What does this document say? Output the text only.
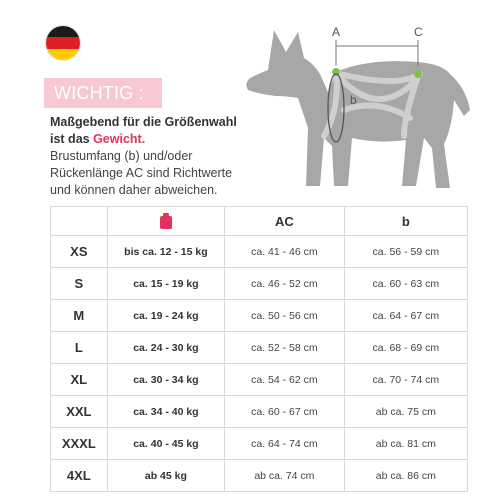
WICHTIG :
Maßgebend für die Größenwahl
ist das Gewicht.
Brustumfang (b) und/oder
Rückenlänge AC sind Richtwerte
und können daher abweichen.
A	C
b
		AC	b
XS	bis ca. 12 - 15 kg	ca. 41 - 46 cm	ca. 56 - 59 cm
S	ca. 15 - 19 kg	ca. 46 - 52 cm	ca. 60 - 63 cm
M	ca. 19 - 24 kg	ca. 50 - 56 cm	ca. 64 - 67 cm
L	ca. 24 - 30 kg	ca. 52 - 58 cm	ca. 68 - 69 cm
XL	ca. 30 - 34 kg	ca. 54 - 62 cm	ca. 70 - 74 cm
XXL	ca. 34 - 40 kg	ca. 60 - 67 cm	ab ca. 75 cm
XXXL	ca. 40 - 45 kg	ca. 64 - 74 cm	ab ca. 81 cm
4XL	ab 45 kg	ab ca. 74 cm	ab ca. 86 cm
